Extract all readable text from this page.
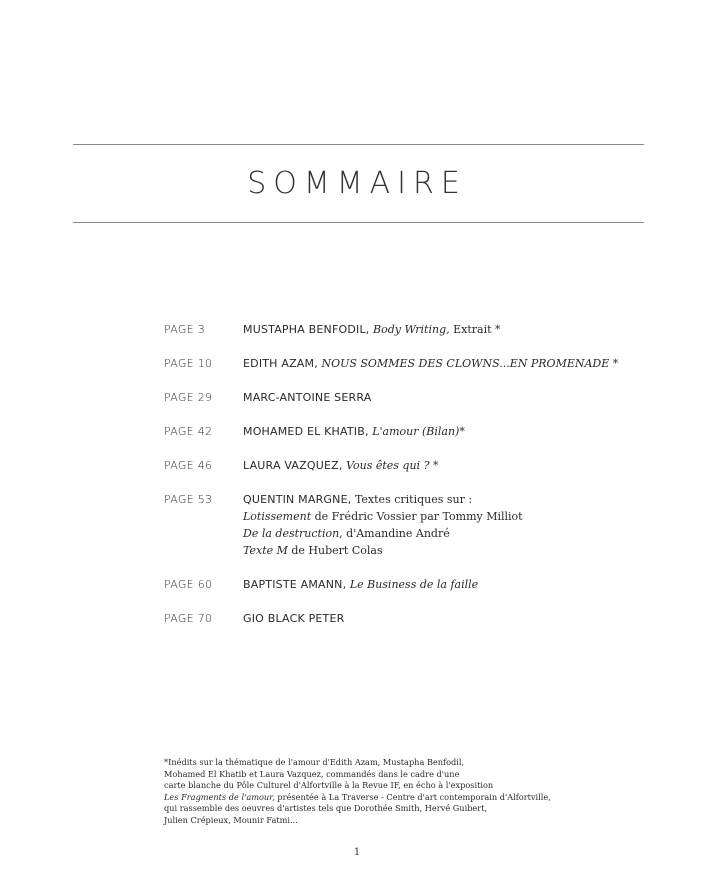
SOMMAIRE
PAGE 3	MUSTAPHA BENFODIL, Body Writing, Extrait *
PAGE 10	EDITH AZAM, NOUS SOMMES DES CLOWNS...EN PROMENADE *
PAGE 29	MARC-ANTOINE SERRA
PAGE 42	MOHAMED EL KHATIB, L'amour (Bilan)*
PAGE 46	LAURA VAZQUEZ, Vous êtes qui ? *
PAGE 53	QUENTIN MARGNE, Textes critiques sur :
Lotissement de Frédric Vossier par Tommy Milliot
De la destruction, d'Amandine André
Texte M de Hubert Colas
PAGE 60	BAPTISTE AMANN, Le Business de la faille
PAGE 70	GIO BLACK PETER
*Inédits sur la thématique de l'amour d'Edith Azam, Mustapha Benfodil,
Mohamed El Khatib et Laura Vazquez, commandés dans le cadre d'une
carte blanche du Pôle Culturel d'Alfortville à la Revue IF, en écho à l'exposition
Les Fragments de l'amour, présentée à La Traverse - Centre d'art contemporain d'Alfortville,
qui rassemble des oeuvres d'artistes tels que Dorothée Smith, Hervé Guibert,
Julien Crépieux, Mounir Fatmi...
1
